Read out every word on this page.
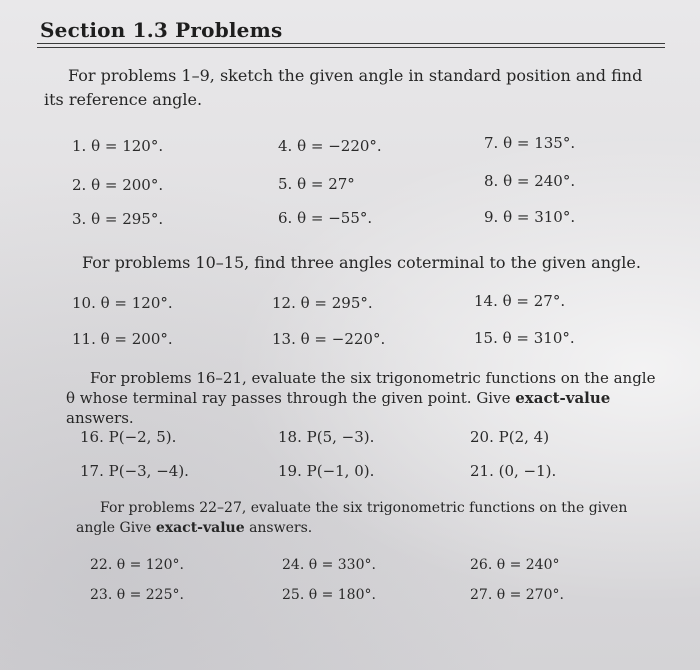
Section 1.3 Problems
For problems 1–9, sketch the given angle in standard position and find its reference angle.
1. θ = 120°.
2. θ = 200°.
3. θ = 295°.
4. θ = −220°.
5. θ = 27°
6. θ = −55°.
7. θ = 135°.
8. θ = 240°.
9. θ = 310°.
For problems 10–15, find three angles coterminal to the given angle.
10. θ = 120°.
11. θ = 200°.
12. θ = 295°.
13. θ = −220°.
14. θ = 27°.
15. θ = 310°.
For problems 16–21, evaluate the six trigonometric functions on the angle θ whose terminal ray passes through the given point. Give exact-value answers.
16. P(−2, 5).
17. P(−3, −4).
18. P(5, −3).
19. P(−1, 0).
20. P(2, 4)
21. (0, −1).
For problems 22–27, evaluate the six trigonometric functions on the given angle Give exact-value answers.
22. θ = 120°.
23. θ = 225°.
24. θ = 330°.
25. θ = 180°.
26. θ = 240°
27. θ = 270°.
